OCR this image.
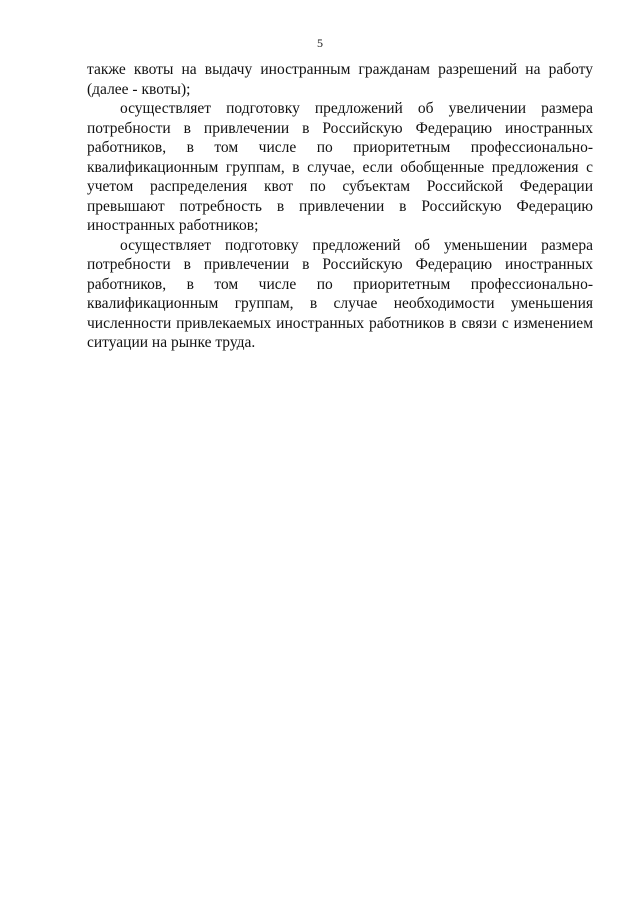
5

также квоты на выдачу иностранным гражданам разрешений на работу (далее - квоты);

осуществляет подготовку предложений об увеличении размера потребности в привлечении в Российскую Федерацию иностранных работников, в том числе по приоритетным профессионально-квалификационным группам, в случае, если обобщенные предложения с учетом распределения квот по субъектам Российской Федерации превышают потребность в привлечении в Российскую Федерацию иностранных работников;

осуществляет подготовку предложений об уменьшении размера потребности в привлечении в Российскую Федерацию иностранных работников, в том числе по приоритетным профессионально-квалификационным группам, в случае необходимости уменьшения численности привлекаемых иностранных работников в связи с изменением ситуации на рынке труда.
